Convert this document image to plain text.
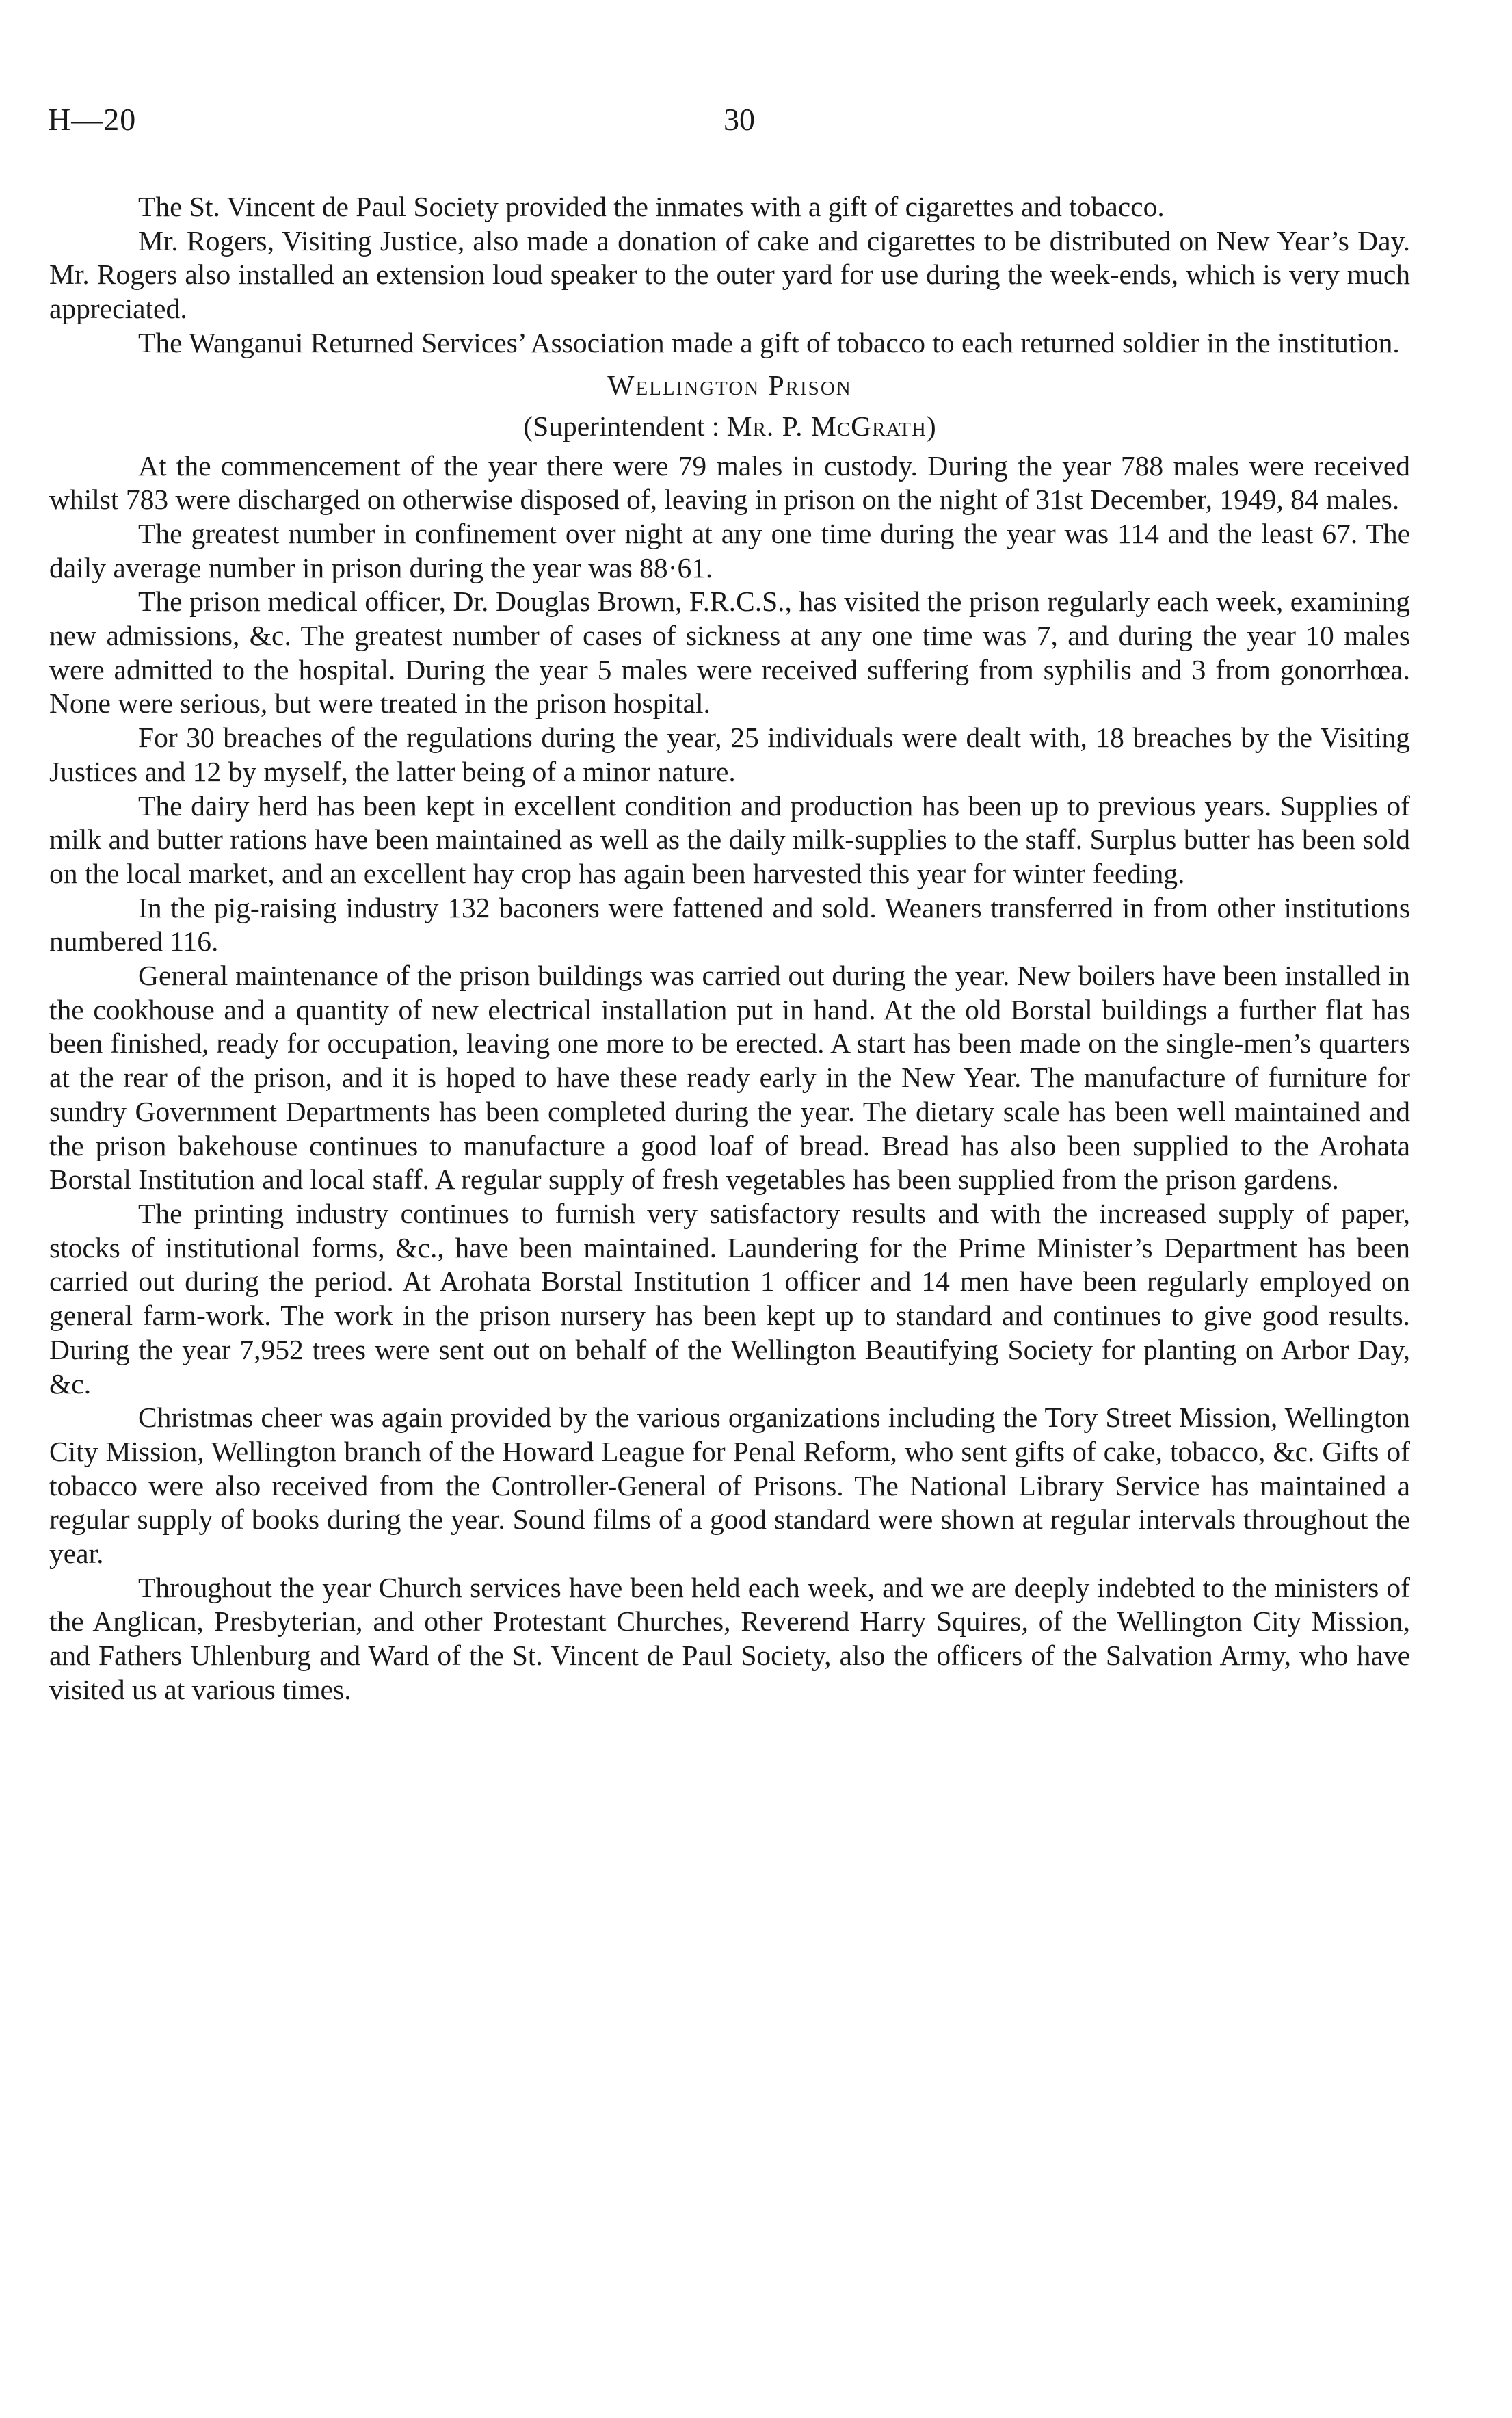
H—20	30

The St. Vincent de Paul Society provided the inmates with a gift of cigarettes and tobacco.

Mr. Rogers, Visiting Justice, also made a donation of cake and cigarettes to be distributed on New Year’s Day. Mr. Rogers also installed an extension loud speaker to the outer yard for use during the week-ends, which is very much appreciated.

The Wanganui Returned Services’ Association made a gift of tobacco to each returned soldier in the institution.

Wellington Prison
(Superintendent : Mr. P. McGrath)

At the commencement of the year there were 79 males in custody. During the year 788 males were received whilst 783 were discharged on otherwise disposed of, leaving in prison on the night of 31st December, 1949, 84 males.

The greatest number in confinement over night at any one time during the year was 114 and the least 67. The daily average number in prison during the year was 88·61.

The prison medical officer, Dr. Douglas Brown, F.R.C.S., has visited the prison regularly each week, examining new admissions, &c. The greatest number of cases of sickness at any one time was 7, and during the year 10 males were admitted to the hospital. During the year 5 males were received suffering from syphilis and 3 from gonorrhœa. None were serious, but were treated in the prison hospital.

For 30 breaches of the regulations during the year, 25 individuals were dealt with, 18 breaches by the Visiting Justices and 12 by myself, the latter being of a minor nature.

The dairy herd has been kept in excellent condition and production has been up to previous years. Supplies of milk and butter rations have been maintained as well as the daily milk-supplies to the staff. Surplus butter has been sold on the local market, and an excellent hay crop has again been harvested this year for winter feeding.

In the pig-raising industry 132 baconers were fattened and sold. Weaners transferred in from other institutions numbered 116.

General maintenance of the prison buildings was carried out during the year. New boilers have been installed in the cookhouse and a quantity of new electrical installation put in hand. At the old Borstal buildings a further flat has been finished, ready for occupation, leaving one more to be erected. A start has been made on the single-men’s quarters at the rear of the prison, and it is hoped to have these ready early in the New Year. The manufacture of furniture for sundry Government Departments has been completed during the year. The dietary scale has been well maintained and the prison bakehouse continues to manufacture a good loaf of bread. Bread has also been supplied to the Arohata Borstal Institution and local staff. A regular supply of fresh vegetables has been supplied from the prison gardens.

The printing industry continues to furnish very satisfactory results and with the increased supply of paper, stocks of institutional forms, &c., have been maintained. Laundering for the Prime Minister’s Department has been carried out during the period. At Arohata Borstal Institution 1 officer and 14 men have been regularly employed on general farm-work. The work in the prison nursery has been kept up to standard and continues to give good results. During the year 7,952 trees were sent out on behalf of the Wellington Beautifying Society for planting on Arbor Day, &c.

Christmas cheer was again provided by the various organizations including the Tory Street Mission, Wellington City Mission, Wellington branch of the Howard League for Penal Reform, who sent gifts of cake, tobacco, &c. Gifts of tobacco were also received from the Controller-General of Prisons. The National Library Service has maintained a regular supply of books during the year. Sound films of a good standard were shown at regular intervals throughout the year.

Throughout the year Church services have been held each week, and we are deeply indebted to the ministers of the Anglican, Presbyterian, and other Protestant Churches, Reverend Harry Squires, of the Wellington City Mission, and Fathers Uhlenburg and Ward of the St. Vincent de Paul Society, also the officers of the Salvation Army, who have visited us at various times.
